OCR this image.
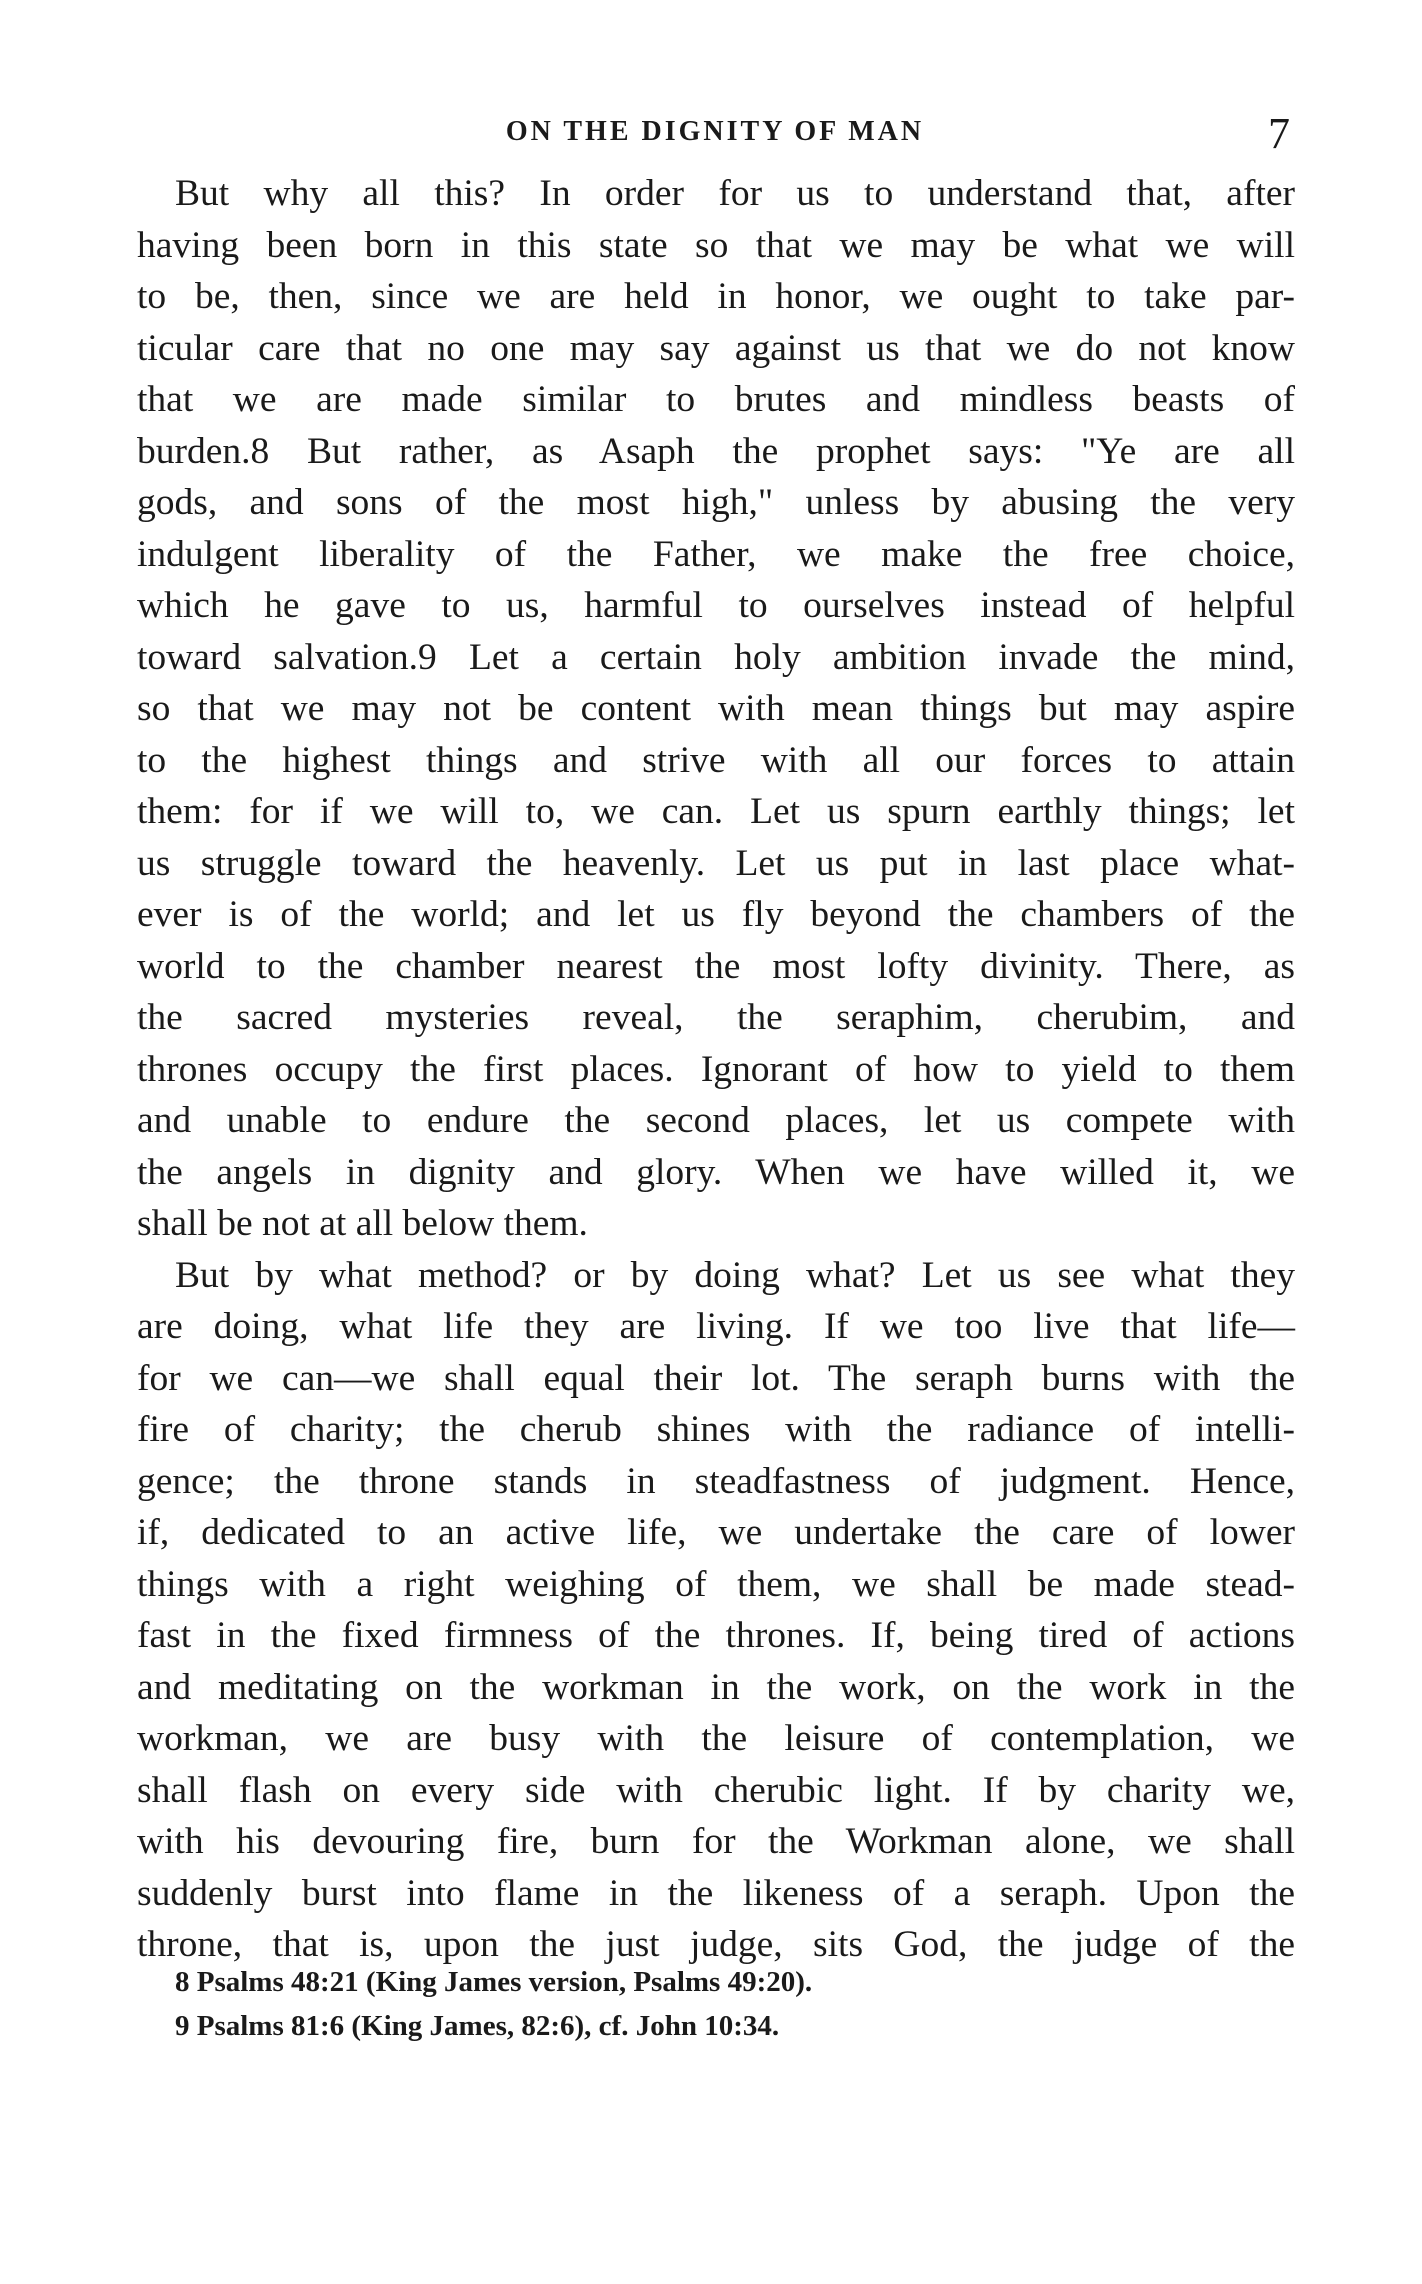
ON THE DIGNITY OF MAN	7
But why all this? In order for us to understand that, after
having been born in this state so that we may be what we will
to be, then, since we are held in honor, we ought to take par-
ticular care that no one may say against us that we do not know
that we are made similar to brutes and mindless beasts of
burden.8 But rather, as Asaph the prophet says: "Ye are all
gods, and sons of the most high," unless by abusing the very
indulgent liberality of the Father, we make the free choice,
which he gave to us, harmful to ourselves instead of helpful
toward salvation.9 Let a certain holy ambition invade the mind,
so that we may not be content with mean things but may aspire
to the highest things and strive with all our forces to attain
them: for if we will to, we can. Let us spurn earthly things; let
us struggle toward the heavenly. Let us put in last place what-
ever is of the world; and let us fly beyond the chambers of the
world to the chamber nearest the most lofty divinity. There, as
the sacred mysteries reveal, the seraphim, cherubim, and
thrones occupy the first places. Ignorant of how to yield to them
and unable to endure the second places, let us compete with
the angels in dignity and glory. When we have willed it, we
shall be not at all below them.
But by what method? or by doing what? Let us see what they
are doing, what life they are living. If we too live that life—
for we can—we shall equal their lot. The seraph burns with the
fire of charity; the cherub shines with the radiance of intelli-
gence; the throne stands in steadfastness of judgment. Hence,
if, dedicated to an active life, we undertake the care of lower
things with a right weighing of them, we shall be made stead-
fast in the fixed firmness of the thrones. If, being tired of actions
and meditating on the workman in the work, on the work in the
workman, we are busy with the leisure of contemplation, we
shall flash on every side with cherubic light. If by charity we,
with his devouring fire, burn for the Workman alone, we shall
suddenly burst into flame in the likeness of a seraph. Upon the
throne, that is, upon the just judge, sits God, the judge of the
8 Psalms 48:21 (King James version, Psalms 49:20).
9 Psalms 81:6 (King James, 82:6), cf. John 10:34.
